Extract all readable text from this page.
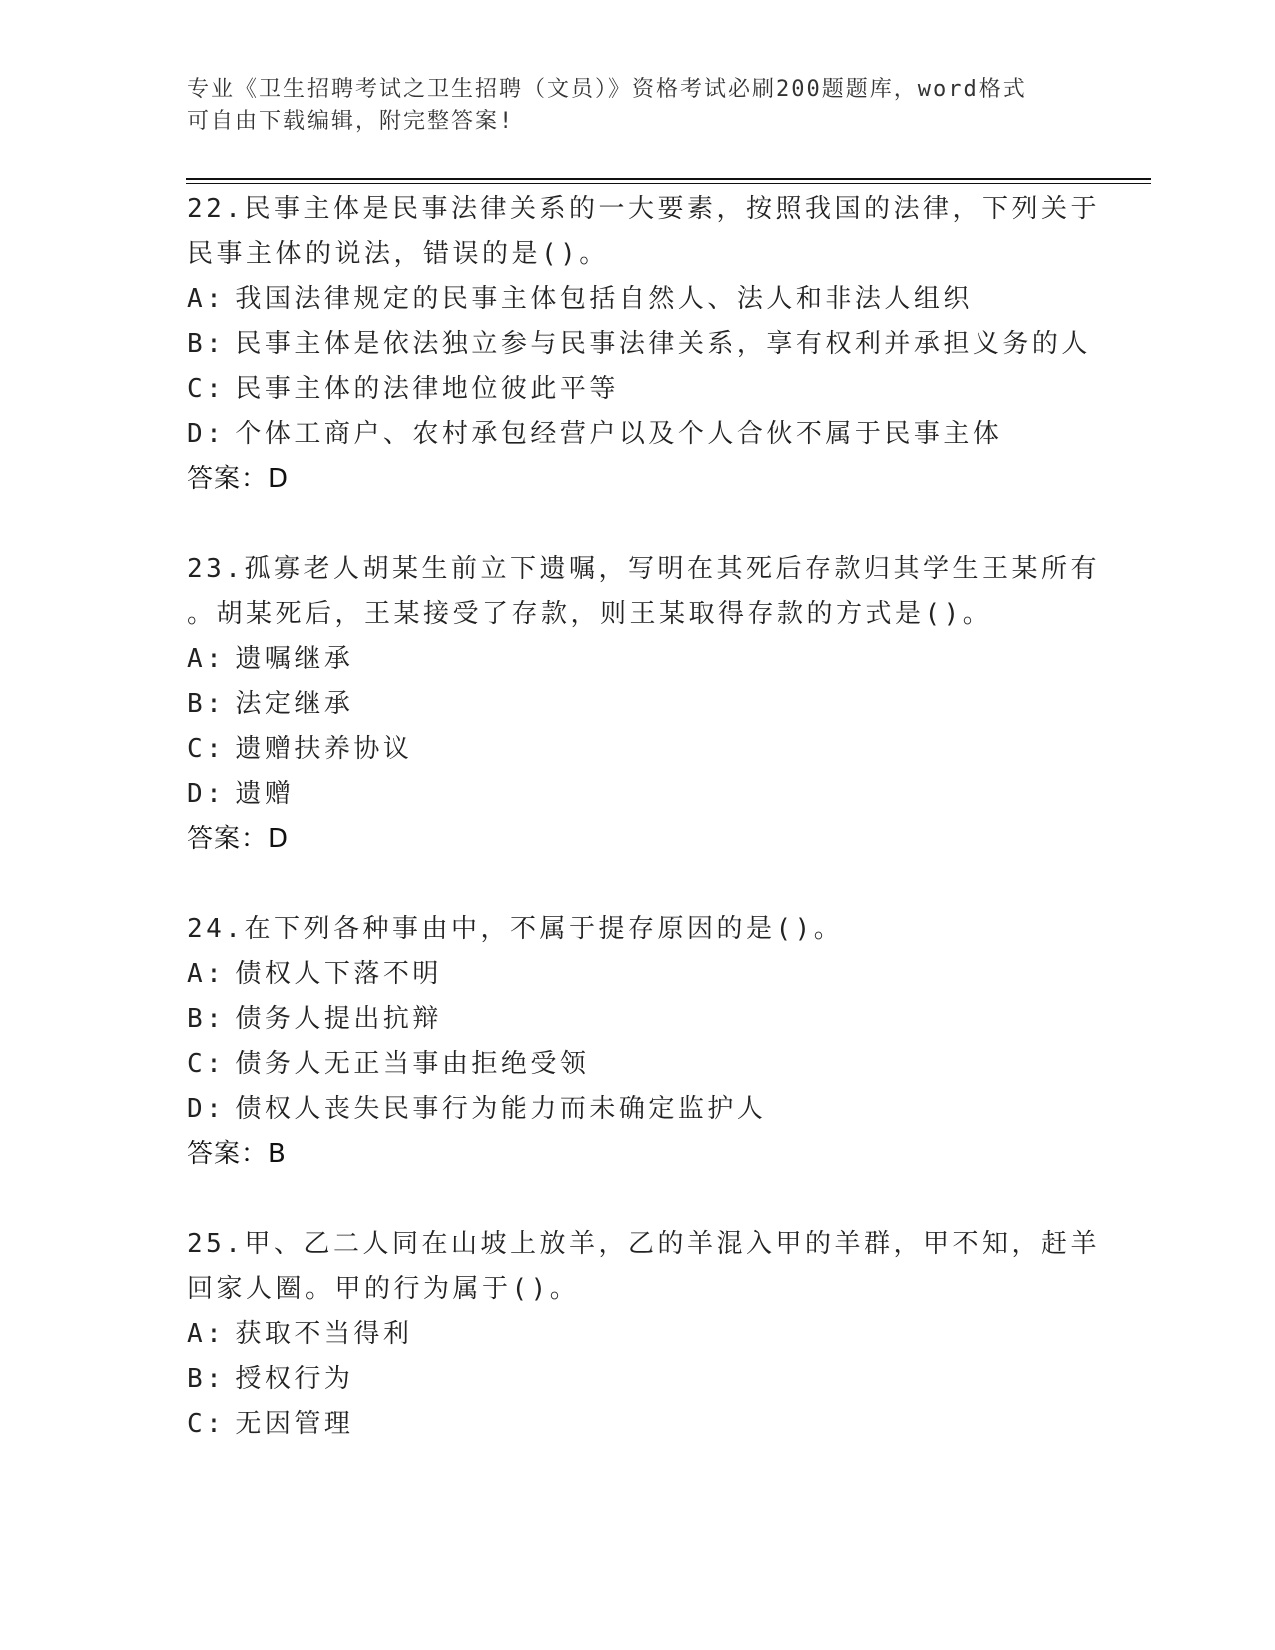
专业《卫生招聘考试之卫生招聘（文员）》资格考试必刷200题题库，word格式
可自由下载编辑，附完整答案!
22.民事主体是民事法律关系的一大要素，按照我国的法律，下列关于
民事主体的说法，错误的是()。
A: 我国法律规定的民事主体包括自然人、法人和非法人组织
B: 民事主体是依法独立参与民事法律关系，享有权利并承担义务的人
C: 民事主体的法律地位彼此平等
D: 个体工商户、农村承包经营户以及个人合伙不属于民事主体
答案：D
23.孤寡老人胡某生前立下遗嘱，写明在其死后存款归其学生王某所有
。胡某死后，王某接受了存款，则王某取得存款的方式是()。
A: 遗嘱继承
B: 法定继承
C: 遗赠扶养协议
D: 遗赠
答案：D
24.在下列各种事由中，不属于提存原因的是()。
A: 债权人下落不明
B: 债务人提出抗辩
C: 债务人无正当事由拒绝受领
D: 债权人丧失民事行为能力而未确定监护人
答案：B
25.甲、乙二人同在山坡上放羊，乙的羊混入甲的羊群，甲不知，赶羊
回家人圈。甲的行为属于()。
A: 获取不当得利
B: 授权行为
C: 无因管理
